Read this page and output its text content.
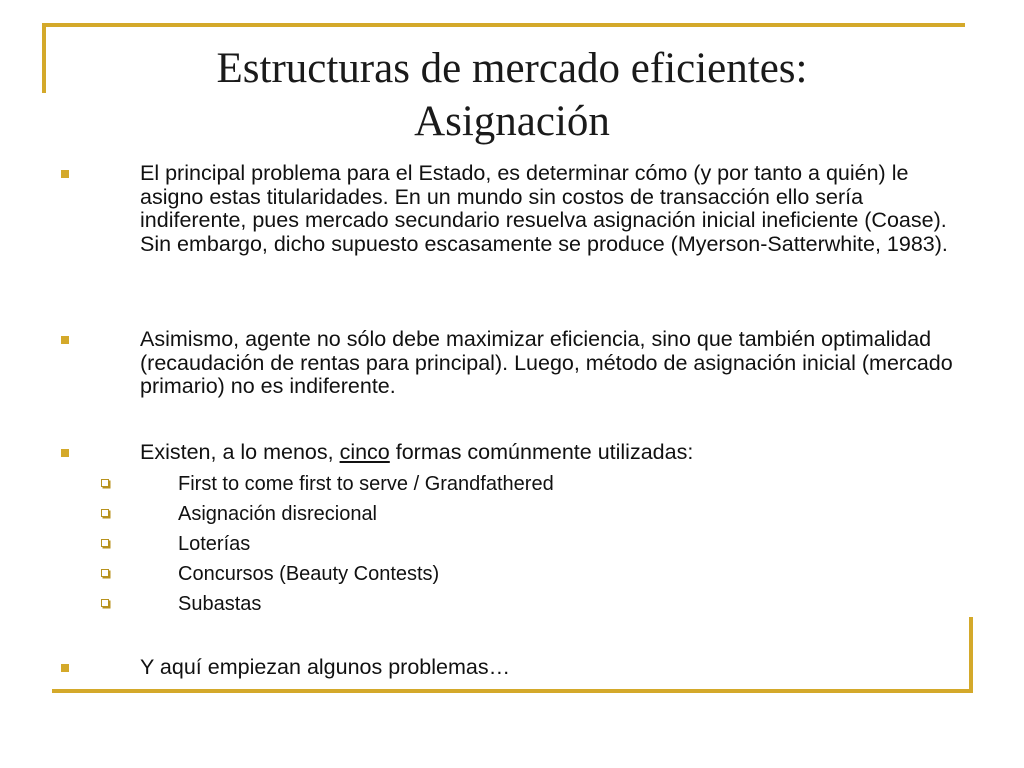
Estructuras de mercado eficientes:
Asignación
El principal problema para el Estado, es determinar cómo (y por tanto a quién) le asigno estas titularidades. En un mundo sin costos de transacción ello sería indiferente, pues mercado secundario resuelva asignación inicial ineficiente (Coase). Sin embargo, dicho supuesto escasamente se produce (Myerson-Satterwhite, 1983).
Asimismo, agente no sólo debe maximizar eficiencia, sino que también optimalidad (recaudación de rentas para principal). Luego, método de asignación inicial (mercado primario) no es indiferente.
Existen, a lo menos, cinco formas comúnmente utilizadas:
First to come first to serve / Grandfathered
Asignación disrecional
Loterías
Concursos (Beauty Contests)
Subastas
Y aquí empiezan algunos problemas…
